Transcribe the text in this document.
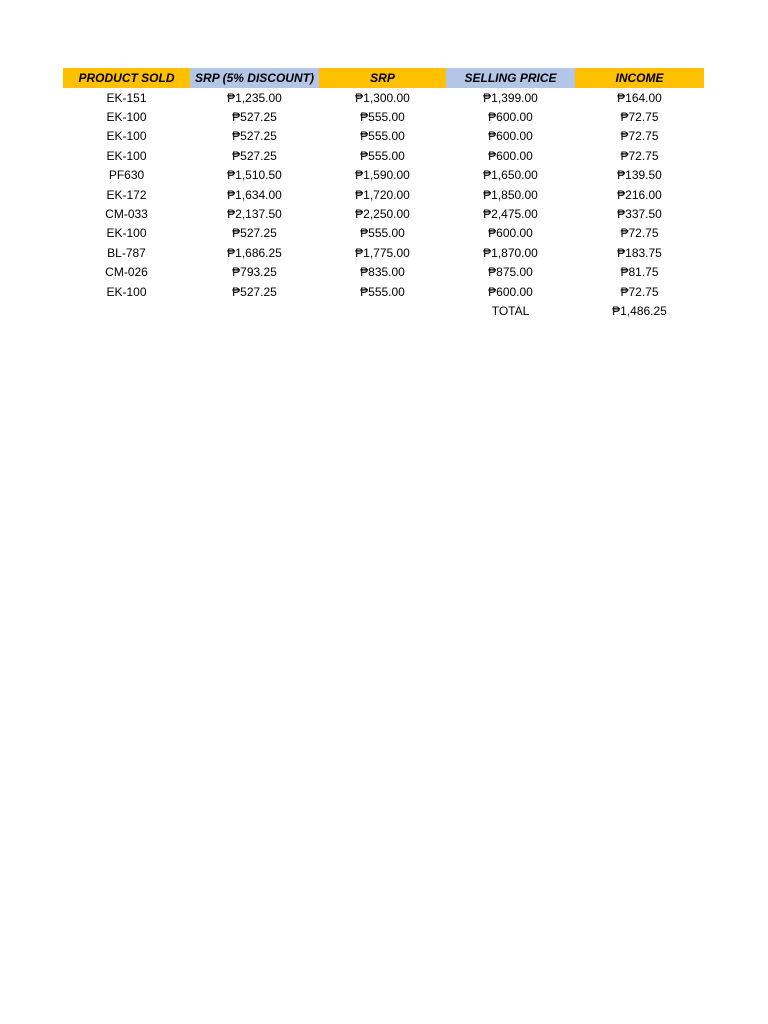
PRODUCT SOLD	SRP (5% DISCOUNT)	SRP	SELLING PRICE	INCOME
EK-151	₱1,235.00	₱1,300.00	₱1,399.00	₱164.00
EK-100	₱527.25	₱555.00	₱600.00	₱72.75
EK-100	₱527.25	₱555.00	₱600.00	₱72.75
EK-100	₱527.25	₱555.00	₱600.00	₱72.75
PF630	₱1,510.50	₱1,590.00	₱1,650.00	₱139.50
EK-172	₱1,634.00	₱1,720.00	₱1,850.00	₱216.00
CM-033	₱2,137.50	₱2,250.00	₱2,475.00	₱337.50
EK-100	₱527.25	₱555.00	₱600.00	₱72.75
BL-787	₱1,686.25	₱1,775.00	₱1,870.00	₱183.75
CM-026	₱793.25	₱835.00	₱875.00	₱81.75
EK-100	₱527.25	₱555.00	₱600.00	₱72.75
			TOTAL	₱1,486.25
